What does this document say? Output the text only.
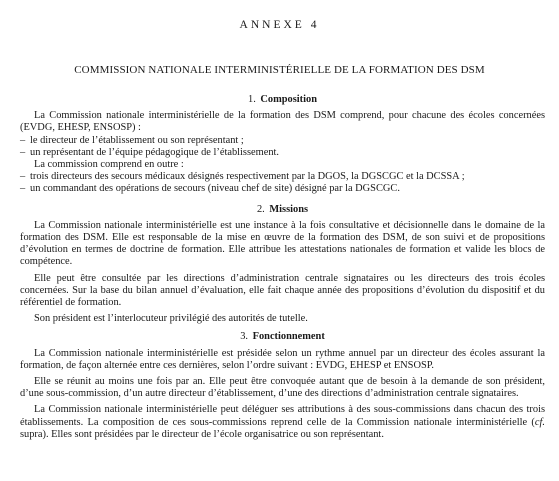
ANNEXE 4
COMMISSION NATIONALE INTERMINISTÉRIELLE DE LA FORMATION DES DSM
1. Composition

La Commission nationale interministérielle de la formation des DSM comprend, pour chacune des écoles concernées (EVDG, EHESP, ENSOSP) :

– le directeur de l’établissement ou son représentant ;
– un représentant de l’équipe pédagogique de l’établissement.

La commission comprend en outre :

– trois directeurs des secours médicaux désignés respectivement par la DGOS, la DGSCGC et la DCSSA ;
– un commandant des opérations de secours (niveau chef de site) désigné par la DGSCGC.
2. Missions

La Commission nationale interministérielle est une instance à la fois consultative et décisionnelle dans le domaine de la formation des DSM. Elle est responsable de la mise en œuvre de la formation des DSM, de son suivi et de propositions d’évolution en termes de doctrine de formation. Elle attribue les attestations nationales de formation et valide les blocs de compétence.

Elle peut être consultée par les directions d’administration centrale signataires ou les directeurs des trois écoles concernées. Sur la base du bilan annuel d’évaluation, elle fait chaque année des propositions d’évolution du dispositif et du référentiel de formation.

Son président est l’interlocuteur privilégié des autorités de tutelle.

3. Fonctionnement

La Commission nationale interministérielle est présidée selon un rythme annuel par un directeur des écoles assurant la formation, de façon alternée entre ces dernières, selon l’ordre suivant : EVDG, EHESP et ENSOSP.

Elle se réunit au moins une fois par an. Elle peut être convoquée autant que de besoin à la demande de son président, d’une sous-commission, d’un autre directeur d’établissement, d’une des directions d’administration centrale signataires.

La Commission nationale interministérielle peut déléguer ses attributions à des sous-commissions dans chacun des trois établissements. La composition de ces sous-commissions reprend celle de la Commission nationale interministérielle (cf. supra). Elles sont présidées par le directeur de l’école organisatrice ou son représentant.
